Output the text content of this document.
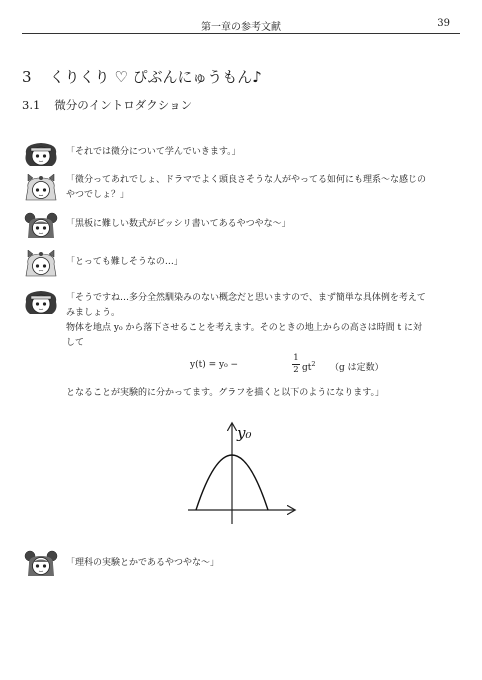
第一章の参考文献	39
3 くりくり ♡ ぴぶんにゅうもん♪
3.1 微分のイントロダクション

「それでは微分について学んでいきます。」

「微分ってあれでしょ、ドラマでよく頭良さそうな人がやってる如何にも理系〜な感じの

やつでしょ？」

「黒板に難しい数式がビッシリ書いてあるやつやな〜」

「とっても難しそうなの…」

「そうですね…多分全然馴染みのない概念だと思いますので、まず簡単な具体例を考えて

みましょう。

物体を地点 y₀ から落下させることを考えます。そのときの地上からの高さは時間 t に対

して

y(t) = y₀ −	$\frac{1}{2} gt^2$ （g は定数）

となることが実験的に分かってます。グラフを描くと以下のようになります。」

y₀

「理科の実験とかであるやつやな〜」
